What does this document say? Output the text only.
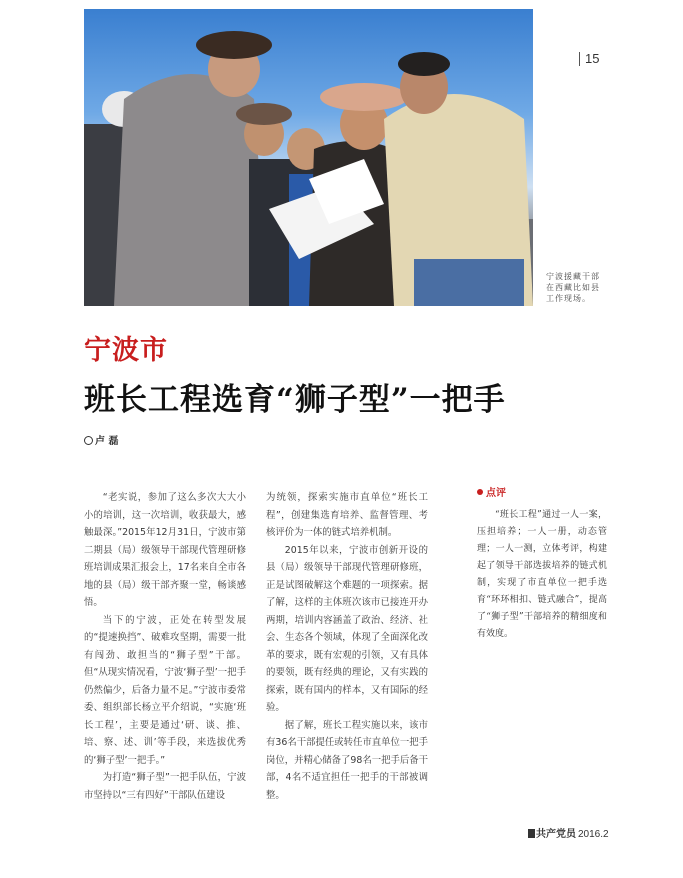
15
宁波援藏干部在西藏比如县工作现场。
宁波市
班长工程选育“狮子型”一把手
卢 磊

“老实说，参加了这么多次大大小小的培训，这一次培训，收获最大，感触最深。”2015年12月31日，宁波市第二期县（局）级领导干部现代管理研修班培训成果汇报会上，17名来自全市各地的县（局）级干部齐聚一堂，畅谈感悟。

当下的宁波，正处在转型发展的“提速换挡”、破难攻坚期，需要一批有闯劲、敢担当的“狮子型”干部。但“从现实情况看，宁波‘狮子型’一把手仍然偏少，后备力量不足。”宁波市委常委、组织部长杨立平介绍说，“实施‘班长工程’，主要是通过‘研、谈、推、培、察、述、训’等手段，来选拔优秀的‘狮子型’一把手。”

为打造“狮子型”一把手队伍，宁波市坚持以“三有四好”干部队伍建设

为统领，探索实施市直单位“班长工程”，创建集选育培养、监督管理、考核评价为一体的链式培养机制。

2015年以来，宁波市创新开设的县（局）级领导干部现代管理研修班，正是试图破解这个难题的一项探索。据了解，这样的主体班次该市已接连开办两期，培训内容涵盖了政治、经济、社会、生态各个领域，体现了全面深化改革的要求，既有宏观的引领，又有具体的要领，既有经典的理论，又有实践的探索，既有国内的样本，又有国际的经验。

据了解，班长工程实施以来，该市有36名干部提任或转任市直单位一把手岗位，并精心储备了98名一把手后备干部，4名不适宜担任一把手的干部被调整。

点评
“班长工程”通过一人一案，压担培养；一人一册，动态管理；一人一测，立体考评，构建起了领导干部选拔培养的链式机制，实现了市直单位一把手选育“环环相扣、链式融合”，提高了“狮子型”干部培养的精细度和有效度。
共产党员 2016.2
